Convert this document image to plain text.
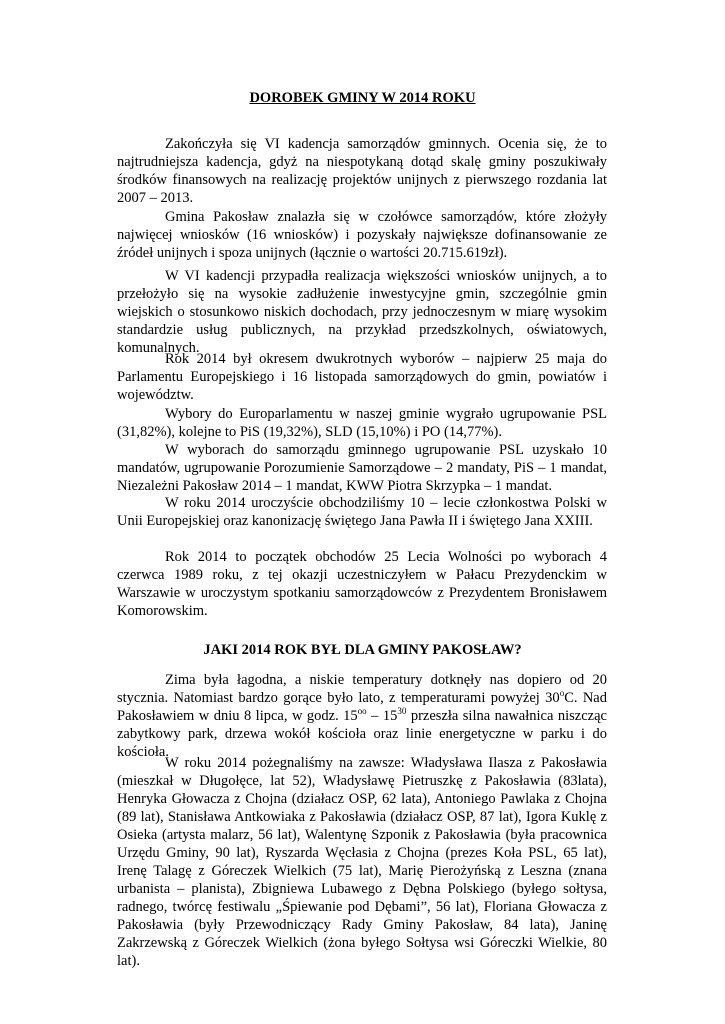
DOROBEK GMINY W 2014 ROKU

Zakończyła się VI kadencja samorządów gminnych. Ocenia się, że to najtrudniejsza kadencja, gdyż na niespotykaną dotąd skalę gminy poszukiwały środków finansowych na realizację projektów unijnych z pierwszego rozdania lat 2007 – 2013.

Gmina Pakosław znalazła się w czołówce samorządów, które złożyły najwięcej wniosków (16 wniosków) i pozyskały największe dofinansowanie ze źródeł unijnych i spoza unijnych (łącznie o wartości 20.715.619zł).

W VI kadencji przypadła realizacja większości wniosków unijnych, a to przełożyło się na wysokie zadłużenie inwestycyjne gmin, szczególnie gmin wiejskich o stosunkowo niskich dochodach, przy jednoczesnym w miarę wysokim standardzie usług publicznych, na przykład przedszkolnych, oświatowych, komunalnych.

Rok 2014 był okresem dwukrotnych wyborów – najpierw 25 maja do Parlamentu Europejskiego i 16 listopada samorządowych do gmin, powiatów i województw.

Wybory do Europarlamentu w naszej gminie wygrało ugrupowanie PSL (31,82%), kolejne to PiS (19,32%), SLD (15,10%) i PO (14,77%).

W wyborach do samorządu gminnego ugrupowanie PSL uzyskało 10 mandatów, ugrupowanie Porozumienie Samorządowe – 2 mandaty, PiS – 1 mandat, Niezależni Pakosław 2014 – 1 mandat, KWW Piotra Skrzypka – 1 mandat.

W roku 2014 uroczyście obchodziliśmy 10 – lecie członkostwa Polski w Unii Europejskiej oraz kanonizację świętego Jana Pawła II i świętego Jana XXIII.

Rok 2014 to początek obchodów 25 Lecia Wolności po wyborach 4 czerwca 1989 roku, z tej okazji uczestniczyłem w Pałacu Prezydenckim w Warszawie w uroczystym spotkaniu samorządowców z Prezydentem Bronisławem Komorowskim.

JAKI 2014 ROK BYŁ DLA GMINY PAKOSŁAW?

Zima była łagodna, a niskie temperatury dotknęły nas dopiero od 20 stycznia. Natomiast bardzo gorące było lato, z temperaturami powyżej 30$^o$C. Nad Pakosławiem w dniu 8 lipca, w godz. $15^{oo} - 15^{30}$ przeszła silna nawałnica niszcząc zabytkowy park, drzewa wokół kościoła oraz linie energetyczne w parku i do kościoła.

W roku 2014 pożegnaliśmy na zawsze: Władysława Ilasza z Pakosławia (mieszkał w Długołęce, lat 52), Władysławę Pietruszkę z Pakosławia (83lata), Henryka Głowacza z Chojna (działacz OSP, 62 lata), Antoniego Pawlaka z Chojna (89 lat), Stanisława Antkowiaka z Pakosławia (działacz OSP, 87 lat), Igora Kuklę z Osieka (artysta malarz, 56 lat), Walentynę Szponik z Pakosławia (była pracownica Urzędu Gminy, 90 lat), Ryszarda Węcłasia z Chojna (prezes Koła PSL, 65 lat), Irenę Talagę z Góreczek Wielkich (75 lat), Marię Pierożyńską z Leszna (znana urbanista – planista), Zbigniewa Lubawego z Dębna Polskiego (byłego sołtysa, radnego, twórcę festiwalu „Śpiewanie pod Dębami”, 56 lat), Floriana Głowacza z Pakosławia (były Przewodniczący Rady Gminy Pakosław, 84 lata), Janinę Zakrzewską z Góreczek Wielkich (żona byłego Sołtysa wsi Góreczki Wielkie, 80 lat).
